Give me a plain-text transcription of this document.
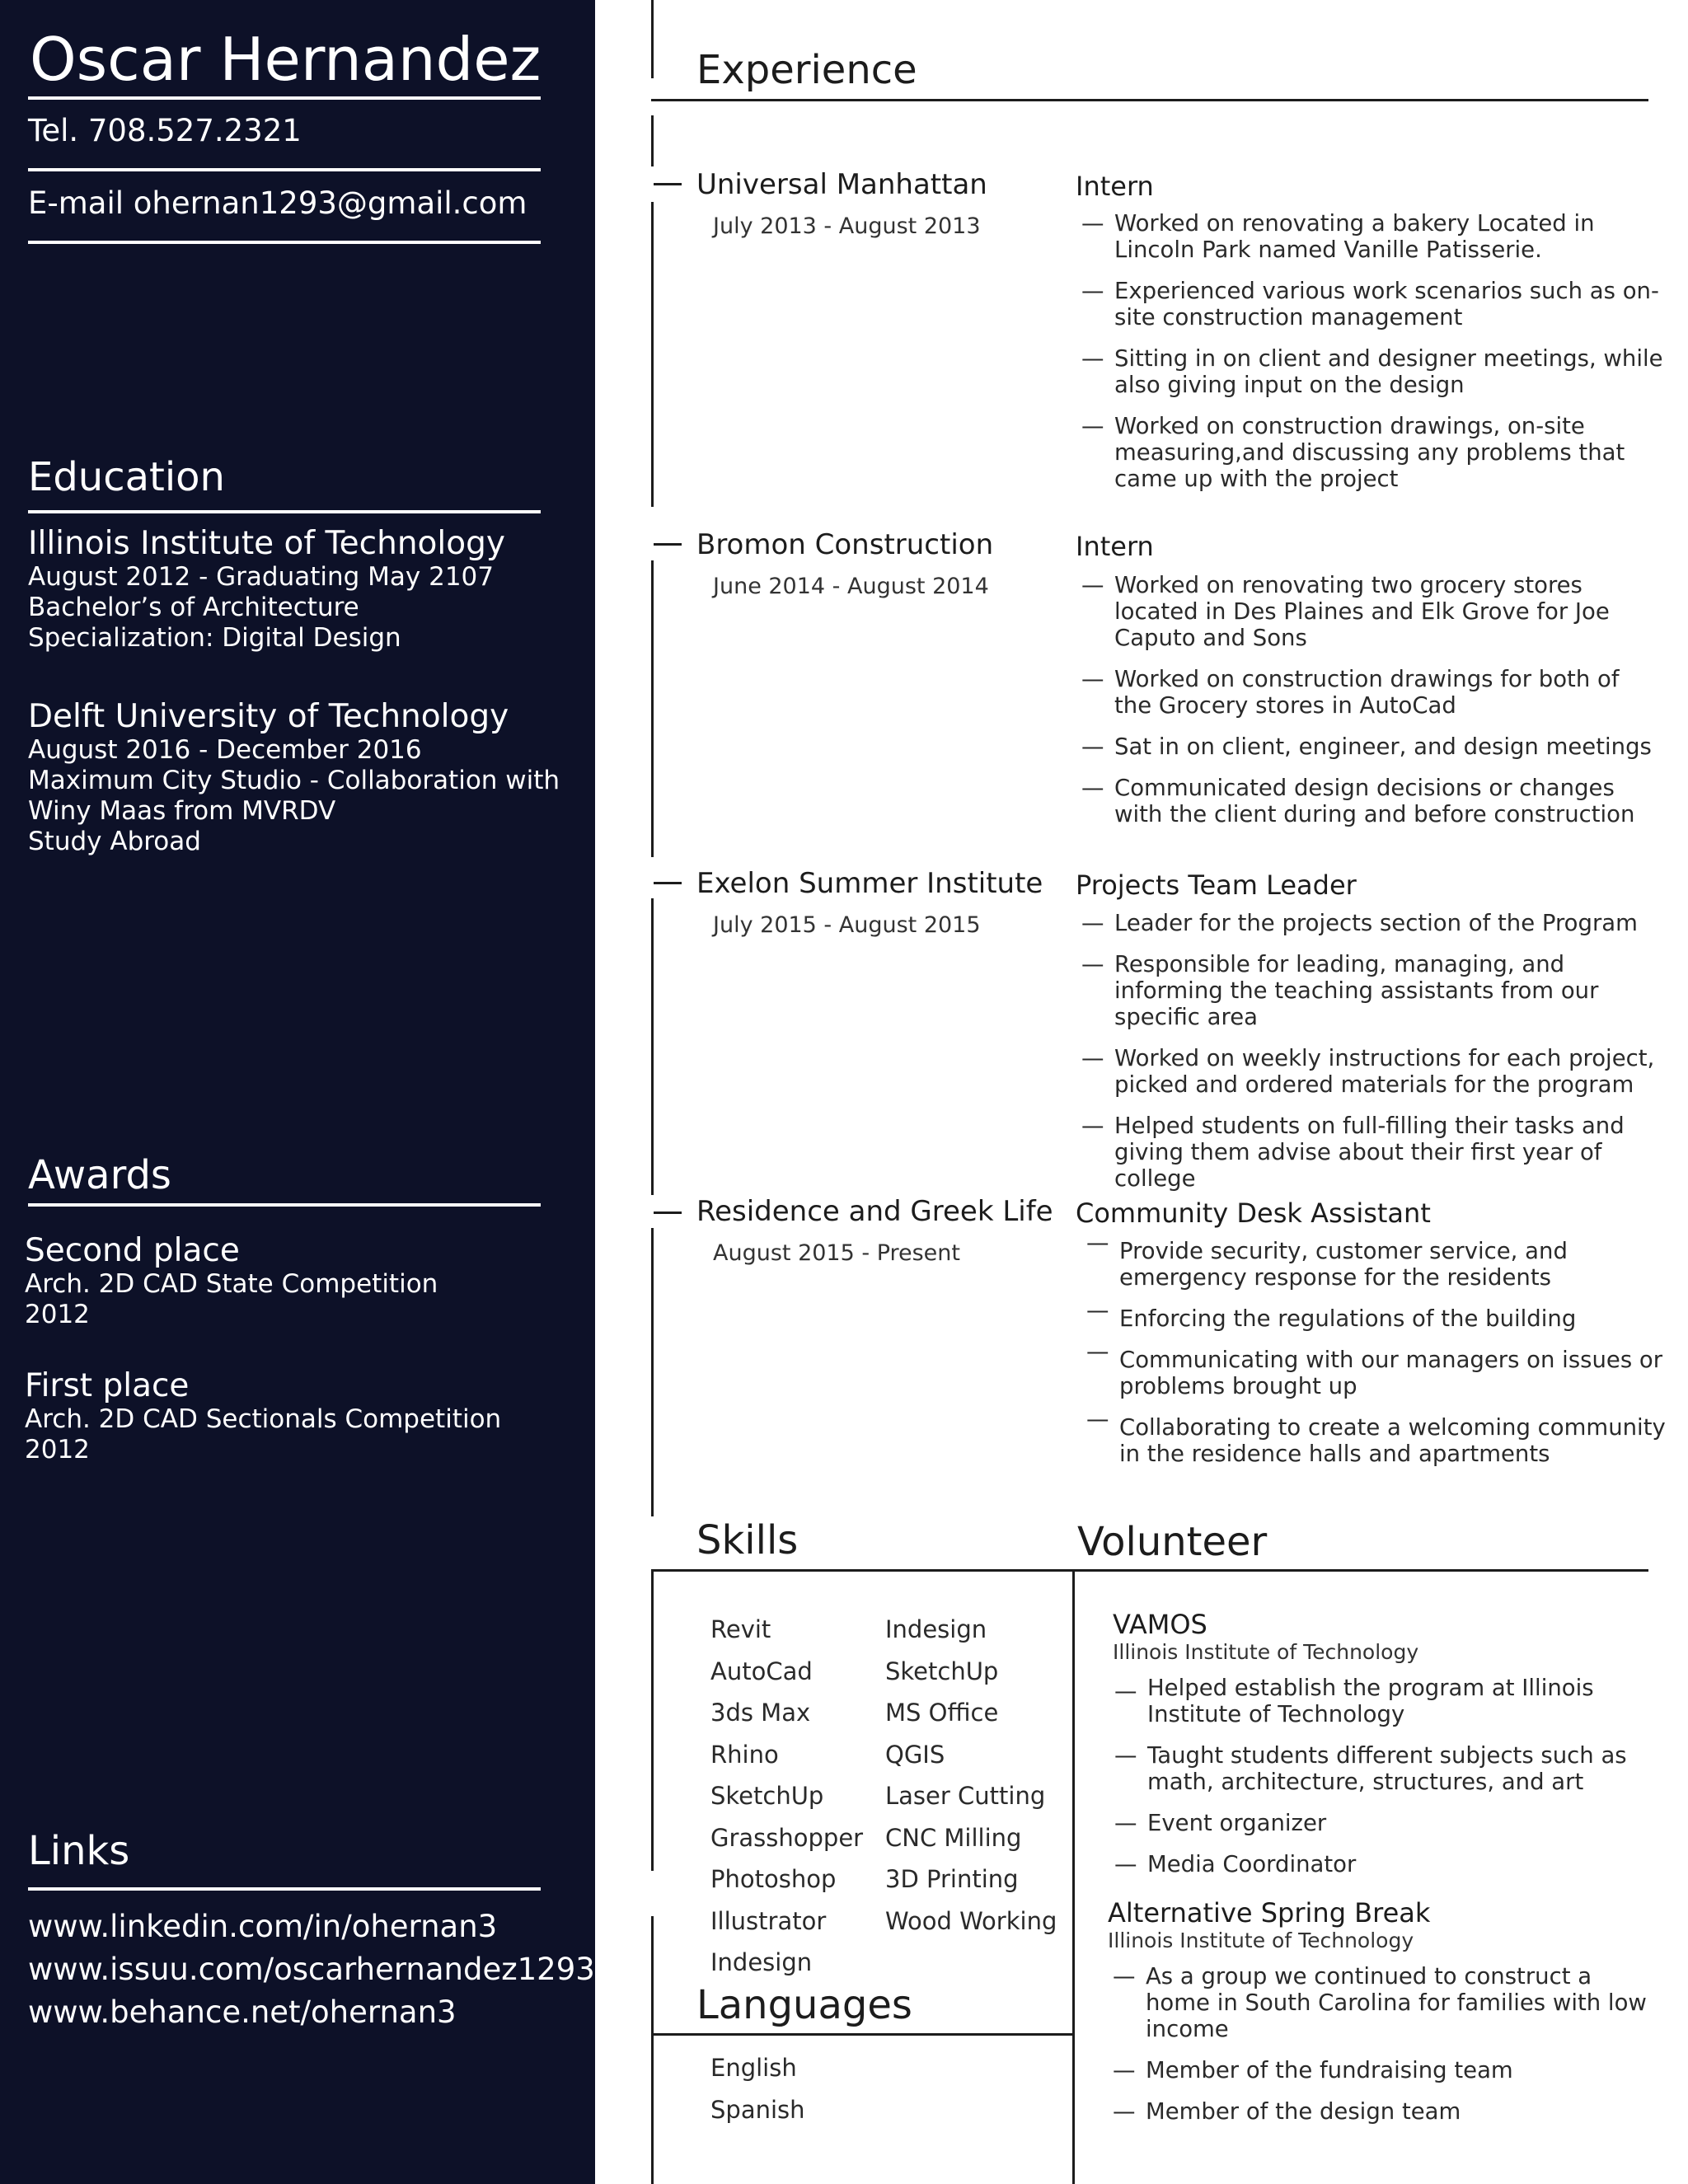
Oscar Hernandez
Tel. 708.527.2321
E-mail ohernan1293@gmail.com
Education
Illinois Institute of Technology
August 2012 - Graduating May 2107
Bachelor’s of Architecture
Specialization: Digital Design
Delft University of Technology
August 2016 - December 2016
Maximum City Studio - Collaboration with
Winy Maas from MVRDV
Study Abroad
Awards
Second place
Arch. 2D CAD State Competition
2012
First place
Arch. 2D CAD Sectionals Competition
2012
Links
www.linkedin.com/in/ohernan3
www.issuu.com/oscarhernandez1293
www.behance.net/ohernan3
Experience
Universal Manhattan
July 2013 - August 2013
Intern
— Worked on renovating a bakery Located in Lincoln Park named Vanille Patisserie.
— Experienced various work scenarios such as on-site construction management
— Sitting in on client and designer meetings, while also giving input on the design
— Worked on construction drawings, on-site measuring,and discussing any problems that came up with the project
Bromon Construction
June 2014 - August 2014
Intern
— Worked on renovating two grocery stores located in Des Plaines and Elk Grove for Joe Caputo and Sons
— Worked on construction drawings for both of the Grocery stores in AutoCad
— Sat in on client, engineer, and design meetings
— Communicated design decisions or changes with the client during and before construction
Exelon Summer Institute
July 2015 - August 2015
Projects Team Leader
— Leader for the projects section of the Program
— Responsible for leading, managing, and informing the teaching assistants from our specific area
— Worked on weekly instructions for each project, picked and ordered materials for the program
— Helped students on full-filling their tasks and giving them advise about their first year of college
Residence and Greek Life
August 2015 - Present
Community Desk Assistant
— Provide security, customer service, and emergency response for the residents
— Enforcing the regulations of the building
— Communicating with our managers on issues or problems brought up
— Collaborating to create a welcoming community in the residence halls and apartments
Skills	Volunteer
Revit
AutoCad
3ds Max
Rhino
SketchUp
Grasshopper
Photoshop
Illustrator
Indesign
Indesign
SketchUp
MS Office
QGIS
Laser Cutting
CNC Milling
3D Printing
Wood Working
Languages
English
Spanish
VAMOS
Illinois Institute of Technology
— Helped establish the program at Illinois Institute of Technology
— Taught students different subjects such as math, architecture, structures, and art
— Event organizer
— Media Coordinator
Alternative Spring Break
Illinois Institute of Technology
— As a group we continued to construct a home in South Carolina for families with low income
— Member of the fundraising team
— Member of the design team
